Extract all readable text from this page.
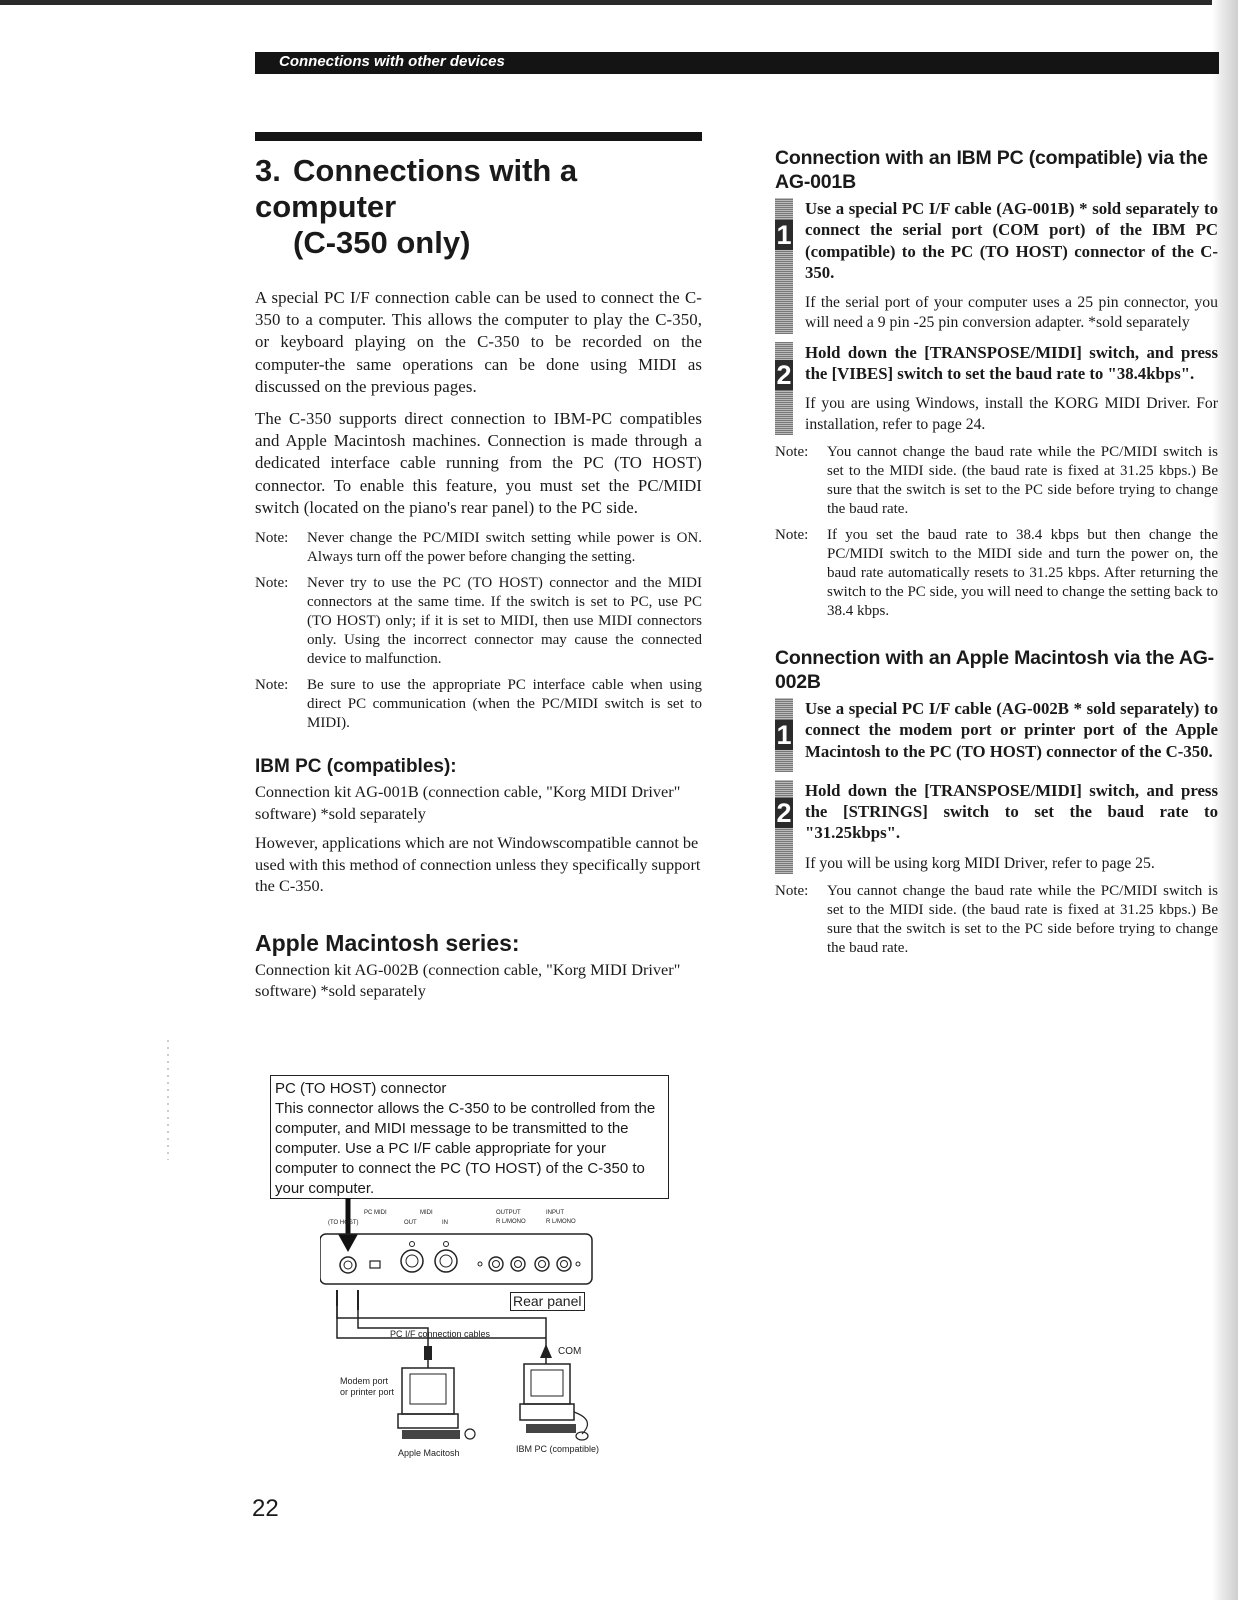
Connections with other devices
3. Connections with a computer
(C-350 only)

A special PC I/F connection cable can be used to connect the C-350 to a computer. This allows the computer to play the C-350, or keyboard playing on the C-350 to be recorded on the computer-the same operations can be done using MIDI as discussed on the previous pages.

The C-350 supports direct connection to IBM-PC compatibles and Apple Macintosh machines. Connection is made through a dedicated interface cable running from the PC (TO HOST) connector. To enable this feature, you must set the PC/MIDI switch (located on the piano's rear panel) to the PC side.

Note:	Never change the PC/MIDI switch setting while power is ON. Always turn off the power before changing the setting.
Note:	Never try to use the PC (TO HOST) connector and the MIDI connectors at the same time. If the switch is set to PC, use PC (TO HOST) only; if it is set to MIDI, then use MIDI connectors only. Using the incorrect connector may cause the connected device to malfunction.
Note:	Be sure to use the appropriate PC interface cable when using direct PC communication (when the PC/MIDI switch is set to MIDI).
IBM PC (compatibles):

Connection kit AG-001B (connection cable, "Korg MIDI Driver" software) *sold separately

However, applications which are not Windowscompatible cannot be used with this method of connection unless they specifically support the C-350.

Apple Macintosh series:

Connection kit AG-002B (connection cable, "Korg MIDI Driver" software) *sold separately

PC (TO HOST) connector
This connector allows the C-350 to be controlled from the computer, and MIDI message to be transmitted to the computer. Use a PC I/F cable appropriate for your computer to connect the PC (TO HOST) of the C-350 to your computer.
(TO HOST)
PC MIDI	MIDI
OUT	IN
OUTPUT	INPUT
R L/MONO	R L/MONO
Rear panel
PC I/F connection cables
COM
Modem port
or printer port
Apple Macitosh	IBM PC (compatible)
Connection with an IBM PC (compatible) via the AG-001B
1

Use a special PC I/F cable (AG-001B) * sold separately to connect the serial port (COM port) of the IBM PC (compatible) to the PC (TO HOST) connector of the C-350.

If the serial port of your computer uses a 25 pin connector, you will need a 9 pin -25 pin conversion adapter. *sold separately

2

Hold down the [TRANSPOSE/MIDI] switch, and press the [VIBES] switch to set the baud rate to "38.4kbps".

If you are using Windows, install the KORG MIDI Driver. For installation, refer to page 24.

Note:	You cannot change the baud rate while the PC/MIDI switch is set to the MIDI side. (the baud rate is fixed at 31.25 kbps.) Be sure that the switch is set to the PC side before trying to change the baud rate.
Note:	If you set the baud rate to 38.4 kbps but then change the PC/MIDI switch to the MIDI side and turn the power on, the baud rate automatically resets to 31.25 kbps. After returning the switch to the PC side, you will need to change the setting back to 38.4 kbps.
Connection with an Apple Macintosh via the AG-002B
1

Use a special PC I/F cable (AG-002B * sold separately) to connect the modem port or printer port of the Apple Macintosh to the PC (TO HOST) connector of the C-350.

2

Hold down the [TRANSPOSE/MIDI] switch, and press the [STRINGS] switch to set the baud rate to "31.25kbps".

If you will be using korg MIDI Driver, refer to page 25.

Note:	You cannot change the baud rate while the PC/MIDI switch is set to the MIDI side. (the baud rate is fixed at 31.25 kbps.) Be sure that the switch is set to the PC side before trying to change the baud rate.
22
